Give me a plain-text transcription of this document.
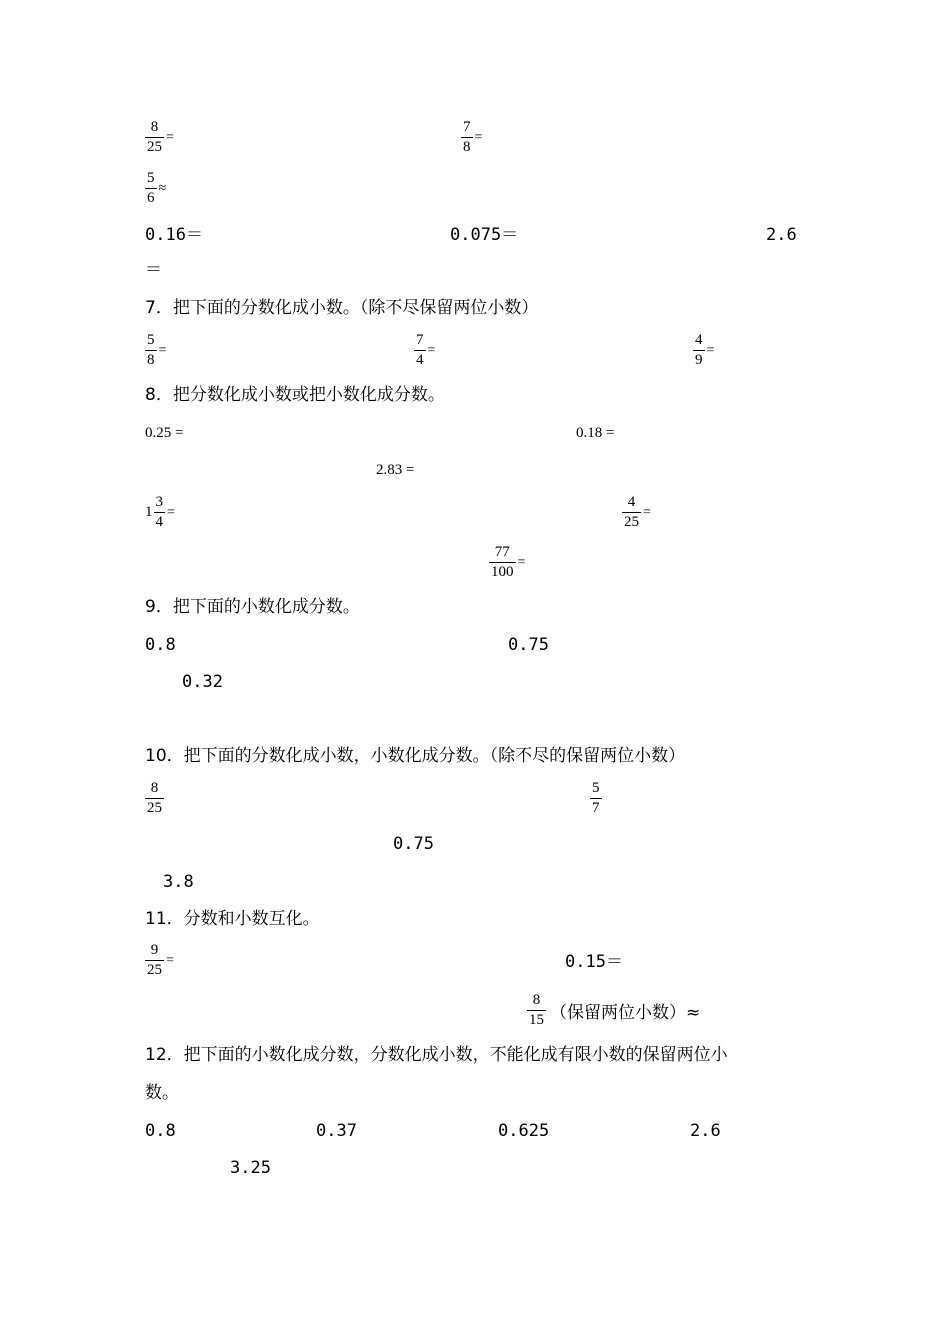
$\frac{8}{25}$ =	$\frac{7}{8}$ =
$\frac{5}{6}$ ≈
0.16＝	0.075＝	2.6
＝
7．把下面的分数化成小数。（除不尽保留两位小数）
$\frac{5}{8}$ =	$\frac{7}{4}$ =	$\frac{4}{9}$ =
8．把分数化成小数或把小数化成分数。
0.25 =	0.18 =
2.83 =
$1 \frac{3}{4}$ =	$\frac{4}{25}$ =
$\frac{77}{100}$ =
9．把下面的小数化成分数。
0.8	0.75
0.32
10．把下面的分数化成小数，小数化成分数。（除不尽的保留两位小数）
$\frac{8}{25}$	$\frac{5}{7}$
0.75
3.8
11．分数和小数互化。
$\frac{9}{25}$ =	0.15＝
$\frac{8}{15}$ （保留两位小数）≈
12．把下面的小数化成分数，分数化成小数，不能化成有限小数的保留两位小
数。
0.8	0.37	0.625	2.6
3.25
